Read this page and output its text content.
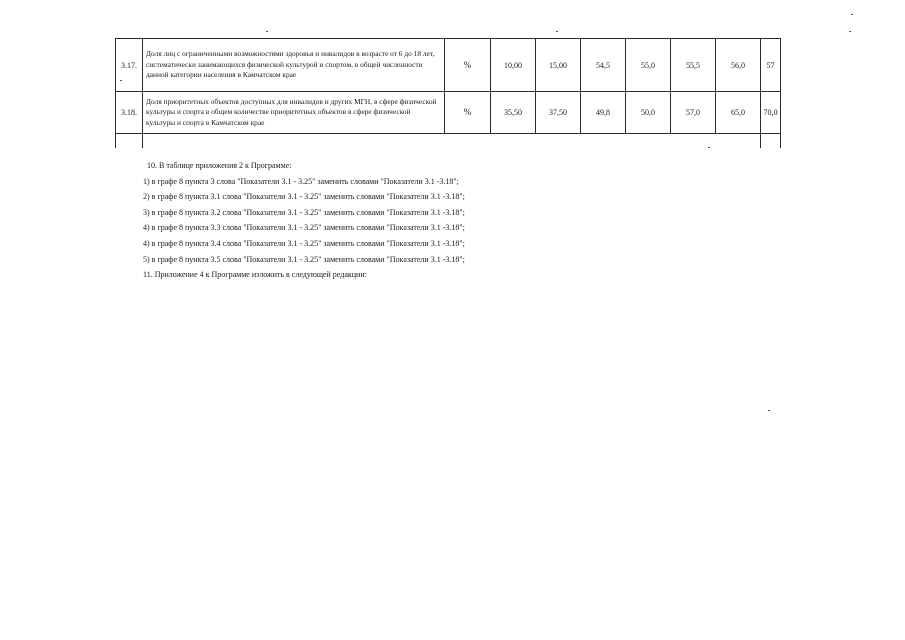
3.17.	Доля лиц с ограниченными возможностями здоровья и инвалидов в возрасте от 6 до 18 лет, систематически занимающихся физической культурой и спортом, в общей численности данной категории населения в Камчатском крае	%	10,00	15,00	54,5	55,0	55,5	56,0	57
3.18.	Доля приоритетных объектов доступных для инвалидов и других МГН, в сфере физической культуры и спорта в общем количестве приоритетных объектов в сфере физической культуры и спорта в Камчатском крае	%	35,50	37,50	49,8	50,0	57,0	65,0	70,0

10. В таблице приложения 2 к Программе:

1) в графе 8 пункта 3 слова "Показатели 3.1 - 3.25" заменить словами "Показатели 3.1 -3.18";

2) в графе 8 пункта 3.1 слова "Показатели 3.1 - 3.25" заменить словами "Показатели 3.1 -3.18";

3) в графе 8 пункта 3.2 слова "Показатели 3.1 - 3.25" заменить словами "Показатели 3.1 -3.18";

4) в графе 8 пункта 3.3 слова "Показатели 3.1 - 3.25" заменить словами "Показатели 3.1 -3.18";

4) в графе 8 пункта 3.4 слова "Показатели 3.1 - 3.25" заменить словами "Показатели 3.1 -3.18";

5) в графе 8 пункта 3.5 слова "Показатели 3.1 - 3.25" заменить словами "Показатели 3.1 -3.18";

11. Приложение 4 к Программе изложить в следующей редакции:
